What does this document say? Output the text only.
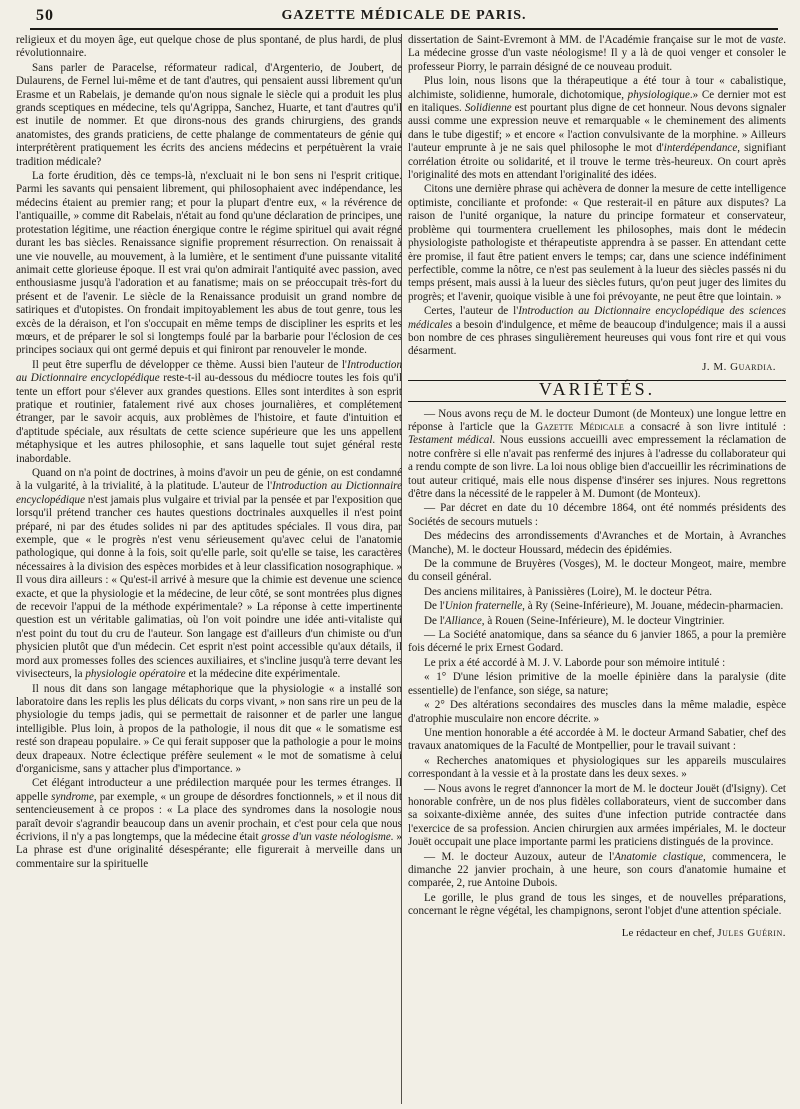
50	GAZETTE MÉDICALE DE PARIS.

religieux et du moyen âge, eut quelque chose de plus spontané, de plus hardi, de plus révolutionnaire.

Sans parler de Paracelse, réformateur radical, d'Argenterio, de Joubert, de Dulaurens, de Fernel lui-même et de tant d'autres, qui pensaient aussi librement qu'un Erasme et un Rabelais, je demande qu'on nous signale le siècle qui a produit les plus grands sceptiques en médecine, tels qu'Agrippa, Sanchez, Huarte, et tant d'autres qu'il est inutile de nommer. Et que dirons-nous des grands chirurgiens, des grands anatomistes, des grands praticiens, de cette phalange de commentateurs de génie qui interprétèrent pratiquement les écrits des anciens médecins et perpétuèrent la vraie tradition médicale?

La forte érudition, dès ce temps-là, n'excluait ni le bon sens ni l'esprit critique. Parmi les savants qui pensaient librement, qui philosophaient avec indépendance, les médecins étaient au premier rang; et pour la plupart d'entre eux, « la révérence de l'antiquaille, » comme dit Rabelais, n'était au fond qu'une déclaration de principes, une protestation légitime, une réaction énergique contre le régime spirituel qui avait régné durant les bas siècles. Renaissance signifie proprement résurrection. On renaissait à une vie nouvelle, au mouvement, à la lumière, et le sentiment d'une puissante vitalité animait cette glorieuse époque. Il est vrai qu'on admirait l'antiquité avec passion, avec enthousiasme jusqu'à l'adoration et au fanatisme; mais on se préoccupait très-fort du présent et de l'avenir. Le siècle de la Renaissance produisit un grand nombre de satiriques et d'utopistes. On frondait impitoyablement les abus de tout genre, tous les excès de la déraison, et l'on s'occupait en même temps de discipliner les esprits et les mœurs, et de préparer le sol si longtemps foulé par la barbarie pour l'éclosion de ces principes sociaux qui ont germé depuis et qui finiront par renouveler le monde.

Il peut être superflu de développer ce thème. Aussi bien l'auteur de l'Introduction au Dictionnaire encyclopédique reste-t-il au-dessous du médiocre toutes les fois qu'il tente un effort pour s'élever aux grandes questions. Elles sont interdites à son esprit pratique et routinier, fatalement rivé aux choses journalières, et complétement étranger, par le savoir acquis, aux problèmes de l'histoire, et faute d'intuition et d'aptitude spéciale, aux résultats de cette science supérieure que les uns appellent métaphysique et les autres philosophie, et sans laquelle tout sujet général reste inabordable.

Quand on n'a point de doctrines, à moins d'avoir un peu de génie, on est condamné à la vulgarité, à la trivialité, à la platitude. L'auteur de l'Introduction au Dictionnaire encyclopédique n'est jamais plus vulgaire et trivial par la pensée et par l'exposition que lorsqu'il prétend trancher ces hautes questions doctrinales auxquelles il n'est point préparé, ni par des études solides ni par des aptitudes spéciales. Il vous dira, par exemple, que « le progrès n'est venu sérieusement qu'avec celui de l'anatomie pathologique, qui donne à la fois, soit qu'elle parle, soit qu'elle se taise, les caractères nécessaires à la division des espèces morbides et à leur classification nosographique. » Il vous dira ailleurs : « Qu'est-il arrivé à mesure que la chimie est devenue une science exacte, et que la physiologie et la médecine, de leur côté, se sont montrées plus dignes de recevoir l'appui de la méthode expérimentale? » La réponse à cette impertinente question est un véritable galimatias, où l'on voit poindre une idée anti-vitaliste qui n'est point du tout du cru de l'auteur. Son langage est d'ailleurs d'un chimiste ou d'un physicien plutôt que d'un médecin. Cet esprit n'est point accessible qu'aux détails, il mord aux promesses folles des sciences auxiliaires, et s'incline jusqu'à terre devant les vivisecteurs, la physiologie opératoire et la médecine dite expérimentale.

Il nous dit dans son langage métaphorique que la physiologie « a installé son laboratoire dans les replis les plus délicats du corps vivant, » non sans rire un peu de la physiologie du temps jadis, qui se permettait de raisonner et de parler une langue intelligible. Plus loin, à propos de la pathologie, il nous dit que « le somatisme est resté son drapeau populaire. » Ce qui ferait supposer que la pathologie a pour le moins deux drapeaux. Notre éclectique préfère seulement « le mot de somatisme à celui d'organicisme, sans y attacher plus d'importance. »

Cet élégant introducteur a une prédilection marquée pour les termes étranges. Il appelle syndrome, par exemple, « un groupe de désordres fonctionnels, » et il nous dit sentencieusement à ce propos : « La place des syndromes dans la nosologie nous paraît devoir s'agrandir beaucoup dans un avenir prochain, et c'est pour cela que nous écrivions, il n'y a pas longtemps, que la médecine était grosse d'un vaste néologisme. » La phrase est d'une originalité désespérante; elle figurerait à merveille dans un commentaire sur la spirituelle

dissertation de Saint-Evremont à MM. de l'Académie française sur le mot de vaste. La médecine grosse d'un vaste néologisme! Il y a là de quoi venger et consoler le professeur Piorry, le parrain désigné de ce nouveau produit.

Plus loin, nous lisons que la thérapeutique a été tour à tour « cabalistique, alchimiste, solidienne, humorale, dichotomique, physiologique.» Ce dernier mot est en italiques. Solidienne est pourtant plus digne de cet honneur. Nous devons signaler aussi comme une expression neuve et remarquable « le cheminement des aliments dans le tube digestif; » et encore « l'action convulsivante de la morphine. » Ailleurs l'auteur emprunte à je ne sais quel philosophe le mot d'interdépendance, signifiant corrélation étroite ou solidarité, et il trouve le terme très-heureux. On court après l'originalité des mots en attendant l'originalité des idées.

Citons une dernière phrase qui achèvera de donner la mesure de cette intelligence optimiste, conciliante et profonde: « Que resterait-il en pâture aux disputes? La raison de l'unité organique, la nature du principe formateur et conservateur, problème qui tourmentera cruellement les philosophes, mais dont le médecin physiologiste pathologiste et thérapeutiste apprendra à se passer. En attendant cette ère promise, il faut être patient envers le temps; car, dans une science indéfiniment perfectible, comme la nôtre, ce n'est pas seulement à la lueur des siècles passés ni du temps présent, mais aussi à la lueur des siècles futurs, qu'on peut juger des limites du progrès; et l'avenir, quoique visible à une foi prévoyante, ne peut être que lointain. »

Certes, l'auteur de l'Introduction au Dictionnaire encyclopédique des sciences médicales a besoin d'indulgence, et même de beaucoup d'indulgence; mais il a aussi bon nombre de ces phrases singulièrement heureuses qui vous font rire et qui vous désarment.

J. M. Guardia.
VARIÉTÉS.

— Nous avons reçu de M. le docteur Dumont (de Monteux) une longue lettre en réponse à l'article que la Gazette Médicale a consacré à son livre intitulé : Testament médical. Nous eussions accueilli avec empressement la réclamation de notre confrère si elle n'avait pas renfermé des injures à l'adresse du collaborateur qui a rendu compte de son livre. La loi nous oblige bien d'accueillir les récriminations de tout auteur critiqué, mais elle nous dispense d'insérer ses injures. Nous regrettons d'être dans la nécessité de le rappeler à M. Dumont (de Monteux).

— Par décret en date du 10 décembre 1864, ont été nommés présidents des Sociétés de secours mutuels :

Des médecins des arrondissements d'Avranches et de Mortain, à Avranches (Manche), M. le docteur Houssard, médecin des épidémies.

De la commune de Bruyères (Vosges), M. le docteur Mongeot, maire, membre du conseil général.

Des anciens militaires, à Panissières (Loire), M. le docteur Pétra.

De l'Union fraternelle, à Ry (Seine-Inférieure), M. Jouane, médecin-pharmacien.

De l'Alliance, à Rouen (Seine-Inférieure), M. le docteur Vingtrinier.

— La Société anatomique, dans sa séance du 6 janvier 1865, a pour la première fois décerné le prix Ernest Godard.

Le prix a été accordé à M. J. V. Laborde pour son mémoire intitulé :

« 1° D'une lésion primitive de la moelle épinière dans la paralysie (dite essentielle) de l'enfance, son siége, sa nature;

« 2° Des altérations secondaires des muscles dans la même maladie, espèce d'atrophie musculaire non encore décrite. »

Une mention honorable a été accordée à M. le docteur Armand Sabatier, chef des travaux anatomiques de la Faculté de Montpellier, pour le travail suivant :

« Recherches anatomiques et physiologiques sur les appareils musculaires correspondant à la vessie et à la prostate dans les deux sexes. »

— Nous avons le regret d'annoncer la mort de M. le docteur Jouët (d'Isigny). Cet honorable confrère, un de nos plus fidèles collaborateurs, vient de succomber dans sa soixante-dixième année, des suites d'une infection putride contractée dans l'exercice de sa profession. Ancien chirurgien aux armées impériales, M. le docteur Jouët occupait une place importante parmi les praticiens distingués de la province.

— M. le docteur Auzoux, auteur de l'Anatomie clastique, commencera, le dimanche 22 janvier prochain, à une heure, son cours d'anatomie humaine et comparée, 2, rue Antoine Dubois.

Le gorille, le plus grand de tous les singes, et de nouvelles préparations, concernant le règne végétal, les champignons, seront l'objet d'une attention spéciale.

Le rédacteur en chef, Jules Guérin.
